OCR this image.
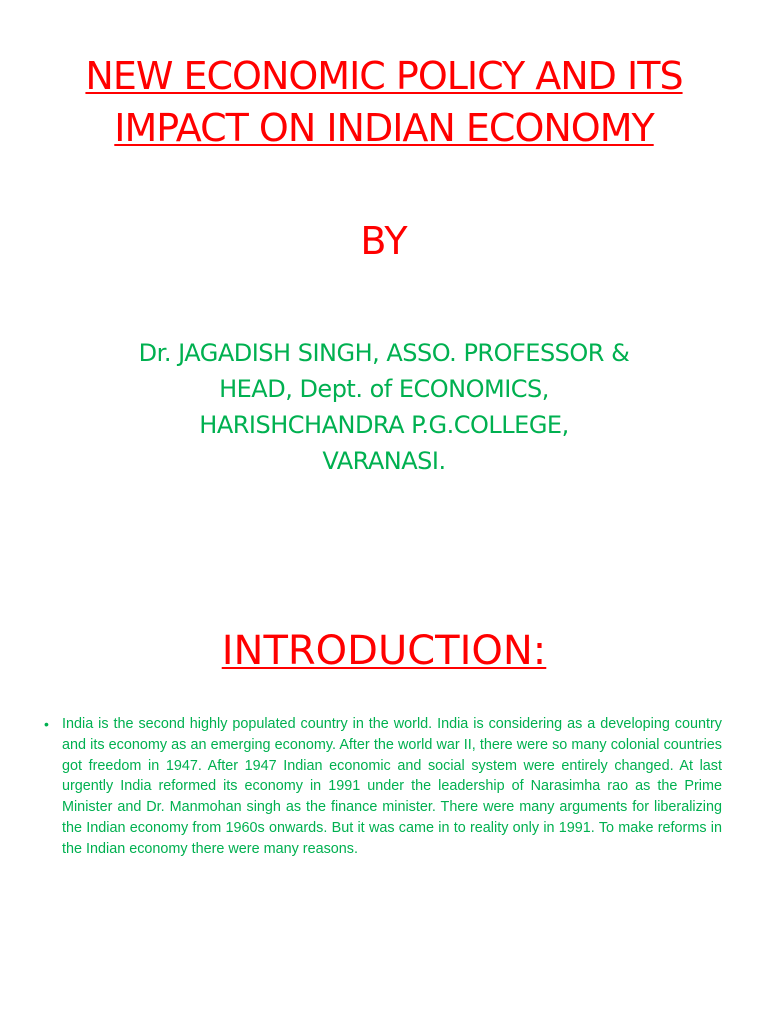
NEW ECONOMIC POLICY AND ITS
IMPACT ON INDIAN ECONOMY
BY
Dr. JAGADISH SINGH, ASSO. PROFESSOR &
HEAD, Dept. of ECONOMICS,
HARISHCHANDRA P.G.COLLEGE,
VARANASI.
INTRODUCTION:
• India is the second highly populated country in the world. India is considering as a developing country and its economy as an emerging economy. After the world war II, there were so many colonial countries got freedom in 1947. After 1947 Indian economic and social system were entirely changed. At last urgently India reformed its economy in 1991 under the leadership of Narasimha rao as the Prime Minister and Dr. Manmohan singh as the finance minister. There were many arguments for liberalizing the Indian economy from 1960s onwards. But it was came in to reality only in 1991. To make reforms in the Indian economy there were many reasons.
